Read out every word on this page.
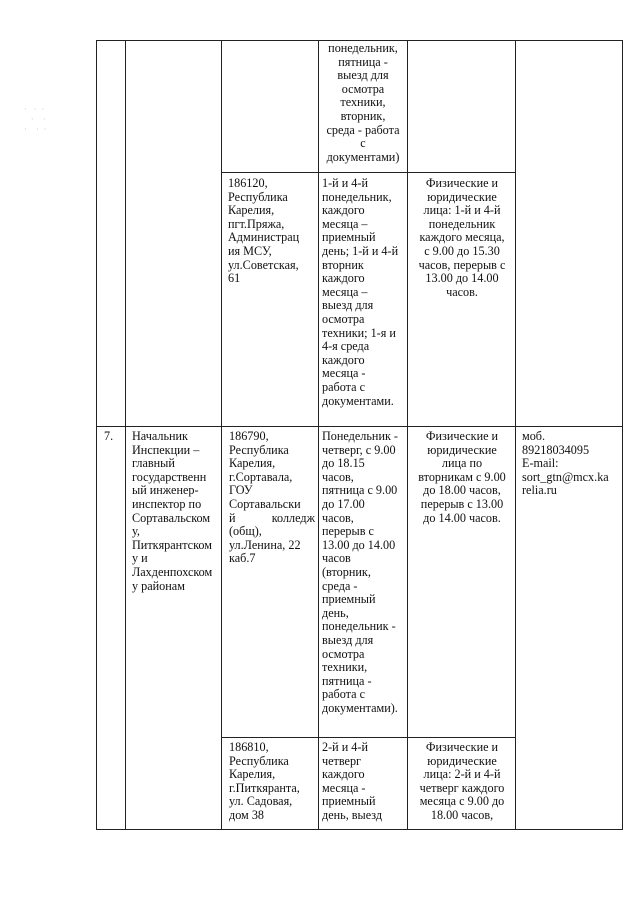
·   ·  ·
·    ·
·    ·  ·
понедельник,
пятница -
выезд для
осмотра
техники,
вторник,
среда - работа
с
документами)
186120,
Республика
Карелия,
пгт.Пряжа,
Администрац
ия МСУ,
ул.Советская,
61
1-й и 4-й
понедельник,
каждого
месяца –
приемный
день; 1-й и 4-й
вторник
каждого
месяца –
выезд для
осмотра
техники; 1-я и
4-я среда
каждого
месяца -
работа с
документами.
Физические и
юридические
лица: 1-й и 4-й
понедельник
каждого месяца,
с 9.00 до 15.30
часов, перерыв с
13.00 до 14.00
часов.
7.	Начальник
Инспекции –
главный
государственн
ый инженер-
инспектор по
Сортавальском
у,
Питкярантском
у и
Лахденпохском
у районам
186790,
Республика
Карелия,
г.Сортавала,
ГОУ
Сортавальски
й колледж
(общ),
ул.Ленина, 22
каб.7
Понедельник -
четверг, с 9.00
до 18.15
часов,
пятница с 9.00
до 17.00
часов,
перерыв с
13.00 до 14.00
часов
(вторник,
среда -
приемный
день,
понедельник -
выезд для
осмотра
техники,
пятница -
работа с
документами).
Физические и
юридические
лица по
вторникам с 9.00
до 18.00 часов,
перерыв с 13.00
до 14.00 часов.
моб.
89218034095
E-mail:
sort_gtn@mcx.ka
relia.ru
186810,
Республика
Карелия,
г.Питкяранта,
ул. Садовая,
дом 38
2-й и 4-й
четверг
каждого
месяца -
приемный
день, выезд
Физические и
юридические
лица: 2-й и 4-й
четверг каждого
месяца с 9.00 до
18.00 часов,
